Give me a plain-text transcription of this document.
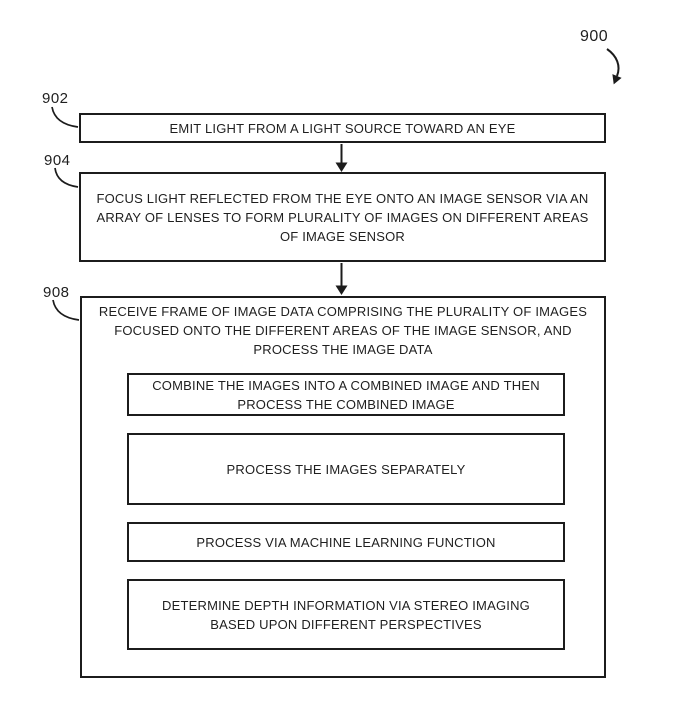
900
902
904
908
EMIT LIGHT FROM A LIGHT SOURCE TOWARD AN EYE
FOCUS LIGHT REFLECTED FROM THE EYE ONTO AN IMAGE SENSOR VIA AN ARRAY OF LENSES TO FORM PLURALITY OF IMAGES ON DIFFERENT AREAS OF IMAGE SENSOR
RECEIVE FRAME OF IMAGE DATA COMPRISING THE PLURALITY OF IMAGES FOCUSED ONTO THE DIFFERENT AREAS OF THE IMAGE SENSOR, AND PROCESS THE IMAGE DATA
COMBINE THE IMAGES INTO A COMBINED IMAGE AND THEN PROCESS THE COMBINED IMAGE
PROCESS THE IMAGES SEPARATELY
PROCESS VIA MACHINE LEARNING FUNCTION
DETERMINE DEPTH INFORMATION VIA STEREO IMAGING BASED UPON DIFFERENT PERSPECTIVES
